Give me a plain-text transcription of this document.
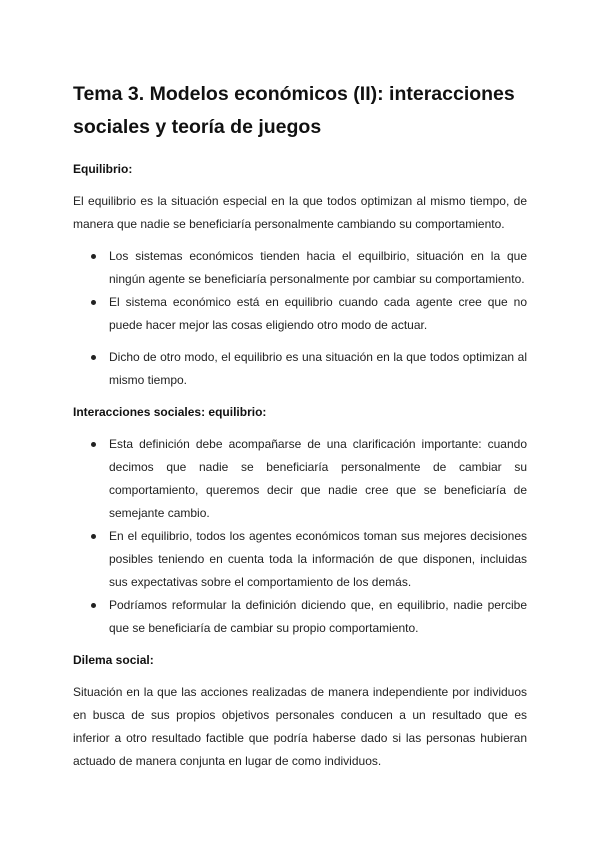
Tema 3. Modelos económicos (II): interacciones sociales y teoría de juegos
Equilibrio:

El equilibrio es la situación especial en la que todos optimizan al mismo tiempo, de manera que nadie se beneficiaría personalmente cambiando su comportamiento.

Los sistemas económicos tienden hacia el equilbirio, situación en la que ningún agente se beneficiaría personalmente por cambiar su comportamiento.
El sistema económico está en equilibrio cuando cada agente cree que no puede hacer mejor las cosas eligiendo otro modo de actuar.
Dicho de otro modo, el equilibrio es una situación en la que todos optimizan al mismo tiempo.
Interacciones sociales: equilibrio:
Esta definición debe acompañarse de una clarificación importante: cuando decimos que nadie se beneficiaría personalmente de cambiar su comportamiento, queremos decir que nadie cree que se beneficiaría de semejante cambio.
En el equilibrio, todos los agentes económicos toman sus mejores decisiones posibles teniendo en cuenta toda la información de que disponen, incluidas sus expectativas sobre el comportamiento de los demás.
Podríamos reformular la definición diciendo que, en equilibrio, nadie percibe que se beneficiaría de cambiar su propio comportamiento.
Dilema social:

Situación en la que las acciones realizadas de manera independiente por individuos en busca de sus propios objetivos personales conducen a un resultado que es inferior a otro resultado factible que podría haberse dado si las personas hubieran actuado de manera conjunta en lugar de como individuos.
